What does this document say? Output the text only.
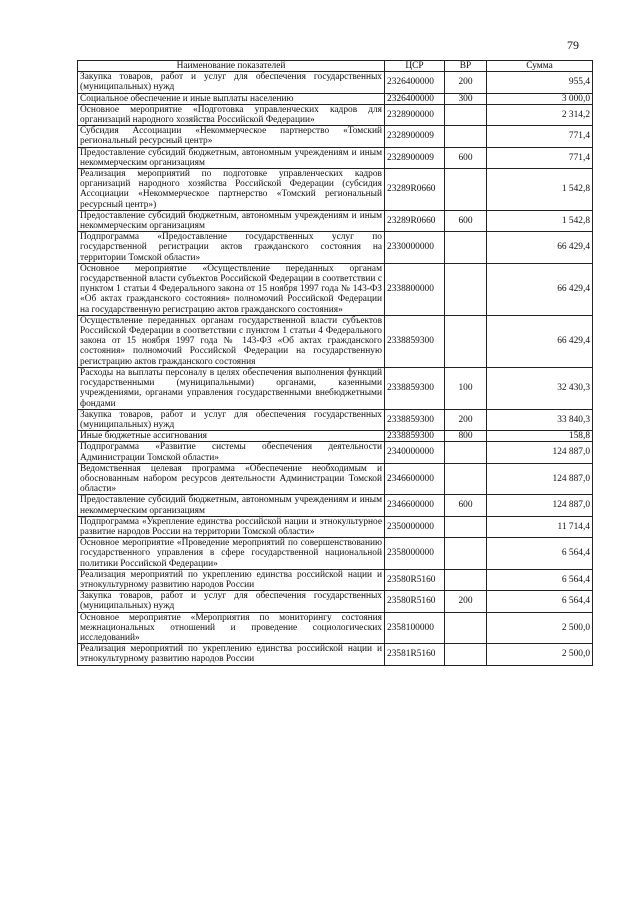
79
Наименование показателей	ЦСР	ВР	Сумма
Закупка товаров, работ и услуг для обеспечения государственных (муниципальных) нужд	2326400000	200	955,4
Социальное обеспечение и иные выплаты населению	2326400000	300	3 000,0
Основное мероприятие «Подготовка управленческих кадров для организаций народного хозяйства Российской Федерации»	2328900000		2 314,2
Субсидия Ассоциации «Некоммерческое партнерство «Томский региональный ресурсный центр»	2328900009		771,4
Предоставление субсидий бюджетным, автономным учреждениям и иным некоммерческим организациям	2328900009	600	771,4
Реализация мероприятий по подготовке управленческих кадров организаций народного хозяйства Российской Федерации (субсидия Ассоциации «Некоммерческое партнерство «Томский региональный ресурсный центр»)	23289R0660		1 542,8
Предоставление субсидий бюджетным, автономным учреждениям и иным некоммерческим организациям	23289R0660	600	1 542,8
Подпрограмма «Предоставление государственных услуг по государственной регистрации актов гражданского состояния на территории Томской области»	2330000000		66 429,4
Основное мероприятие «Осуществление переданных органам государственной власти субъектов Российской Федерации в соответствии с пунктом 1 статьи 4 Федерального закона от 15 ноября 1997 года № 143-ФЗ «Об актах гражданского состояния» полномочий Российской Федерации на государственную регистрацию актов гражданского состояния»	2338800000		66 429,4
Осуществление переданных органам государственной власти субъектов Российской Федерации в соответствии с пунктом 1 статьи 4 Федерального закона от 15 ноября 1997 года № 143-ФЗ «Об актах гражданского состояния» полномочий Российской Федерации на государственную регистрацию актов гражданского состояния	2338859300		66 429,4
Расходы на выплаты персоналу в целях обеспечения выполнения функций государственными (муниципальными) органами, казенными учреждениями, органами управления государственными внебюджетными фондами	2338859300	100	32 430,3
Закупка товаров, работ и услуг для обеспечения государственных (муниципальных) нужд	2338859300	200	33 840,3
Иные бюджетные ассигнования	2338859300	800	158,8
Подпрограмма «Развитие системы обеспечения деятельности Администрации Томской области»	2340000000		124 887,0
Ведомственная целевая программа «Обеспечение необходимым и обоснованным набором ресурсов деятельности Администрации Томской области»	2346600000		124 887,0
Предоставление субсидий бюджетным, автономным учреждениям и иным некоммерческим организациям	2346600000	600	124 887,0
Подпрограмма «Укрепление единства российской нации и этнокультурное развитие народов России на территории Томской области»	2350000000		11 714,4
Основное мероприятие «Проведение мероприятий по совершенствованию государственного управления в сфере государственной национальной политики Российской Федерации»	2358000000		6 564,4
Реализация мероприятий по укреплению единства российской нации и этнокультурному развитию народов России	23580R5160		6 564,4
Закупка товаров, работ и услуг для обеспечения государственных (муниципальных) нужд	23580R5160	200	6 564,4
Основное мероприятие «Мероприятия по мониторингу состояния межнациональных отношений и проведение социологических исследований»	2358100000		2 500,0
Реализация мероприятий по укреплению единства российской нации и этнокультурному развитию народов России	23581R5160		2 500,0
